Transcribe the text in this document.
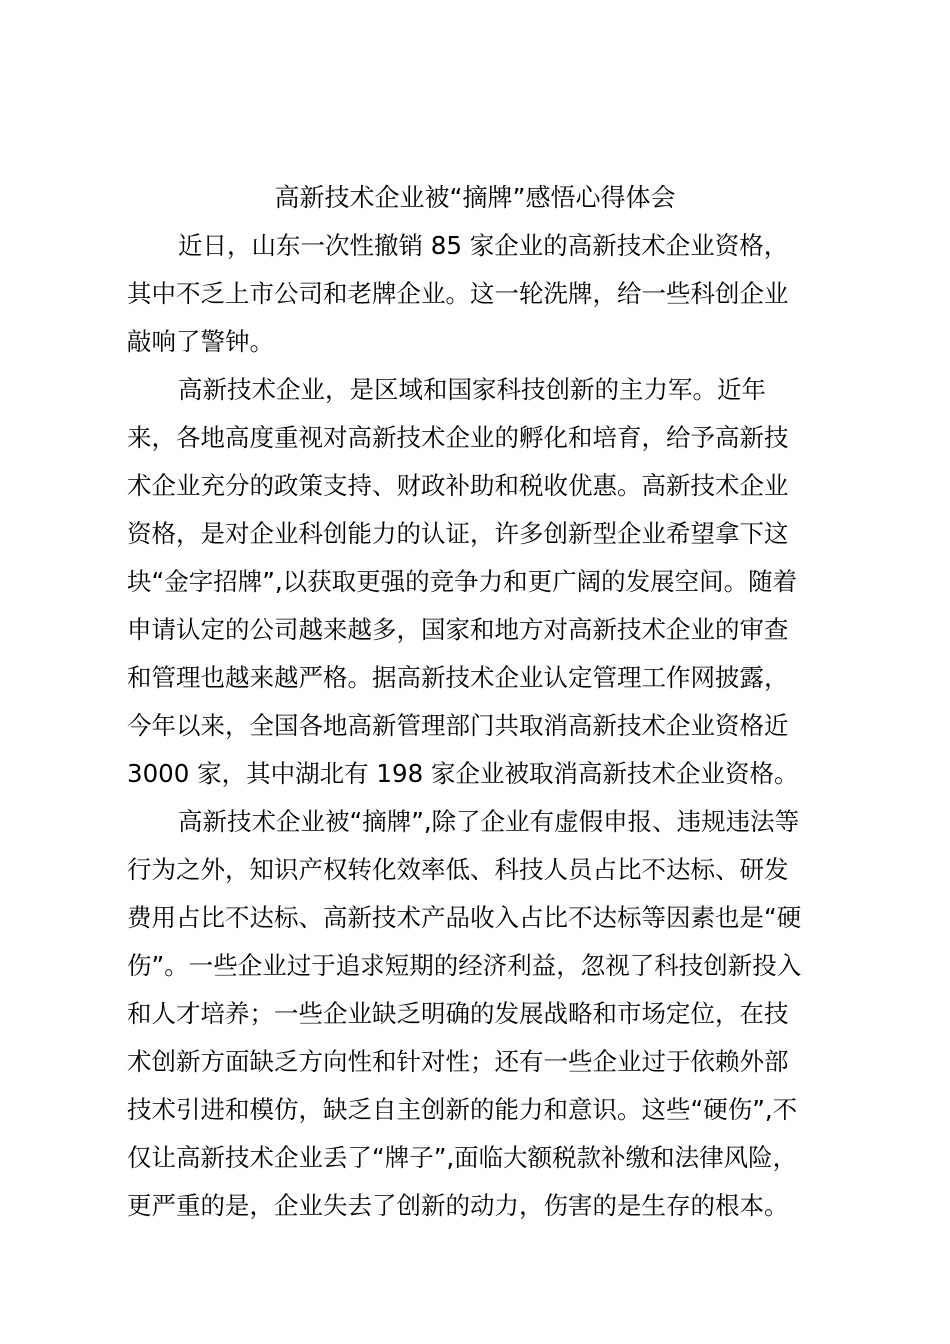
高新技术企业被“摘牌”感悟心得体会

近日，山东一次性撤销 85 家企业的高新技术企业资格，
其中不乏上市公司和老牌企业。这一轮洗牌，给一些科创企业
敲响了警钟。

高新技术企业，是区域和国家科技创新的主力军。近年
来，各地高度重视对高新技术企业的孵化和培育，给予高新技
术企业充分的政策支持、财政补助和税收优惠。高新技术企业
资格，是对企业科创能力的认证，许多创新型企业希望拿下这
块“金字招牌”,以获取更强的竞争力和更广阔的发展空间。随着
申请认定的公司越来越多，国家和地方对高新技术企业的审查
和管理也越来越严格。据高新技术企业认定管理工作网披露，
今年以来，全国各地高新管理部门共取消高新技术企业资格近
3000 家，其中湖北有 198 家企业被取消高新技术企业资格。

高新技术企业被“摘牌”,除了企业有虚假申报、违规违法等
行为之外，知识产权转化效率低、科技人员占比不达标、研发
费用占比不达标、高新技术产品收入占比不达标等因素也是“硬
伤”。一些企业过于追求短期的经济利益，忽视了科技创新投入
和人才培养；一些企业缺乏明确的发展战略和市场定位，在技
术创新方面缺乏方向性和针对性；还有一些企业过于依赖外部
技术引进和模仿，缺乏自主创新的能力和意识。这些“硬伤”,不
仅让高新技术企业丢了“牌子”,面临大额税款补缴和法律风险，
更严重的是，企业失去了创新的动力，伤害的是生存的根本。
